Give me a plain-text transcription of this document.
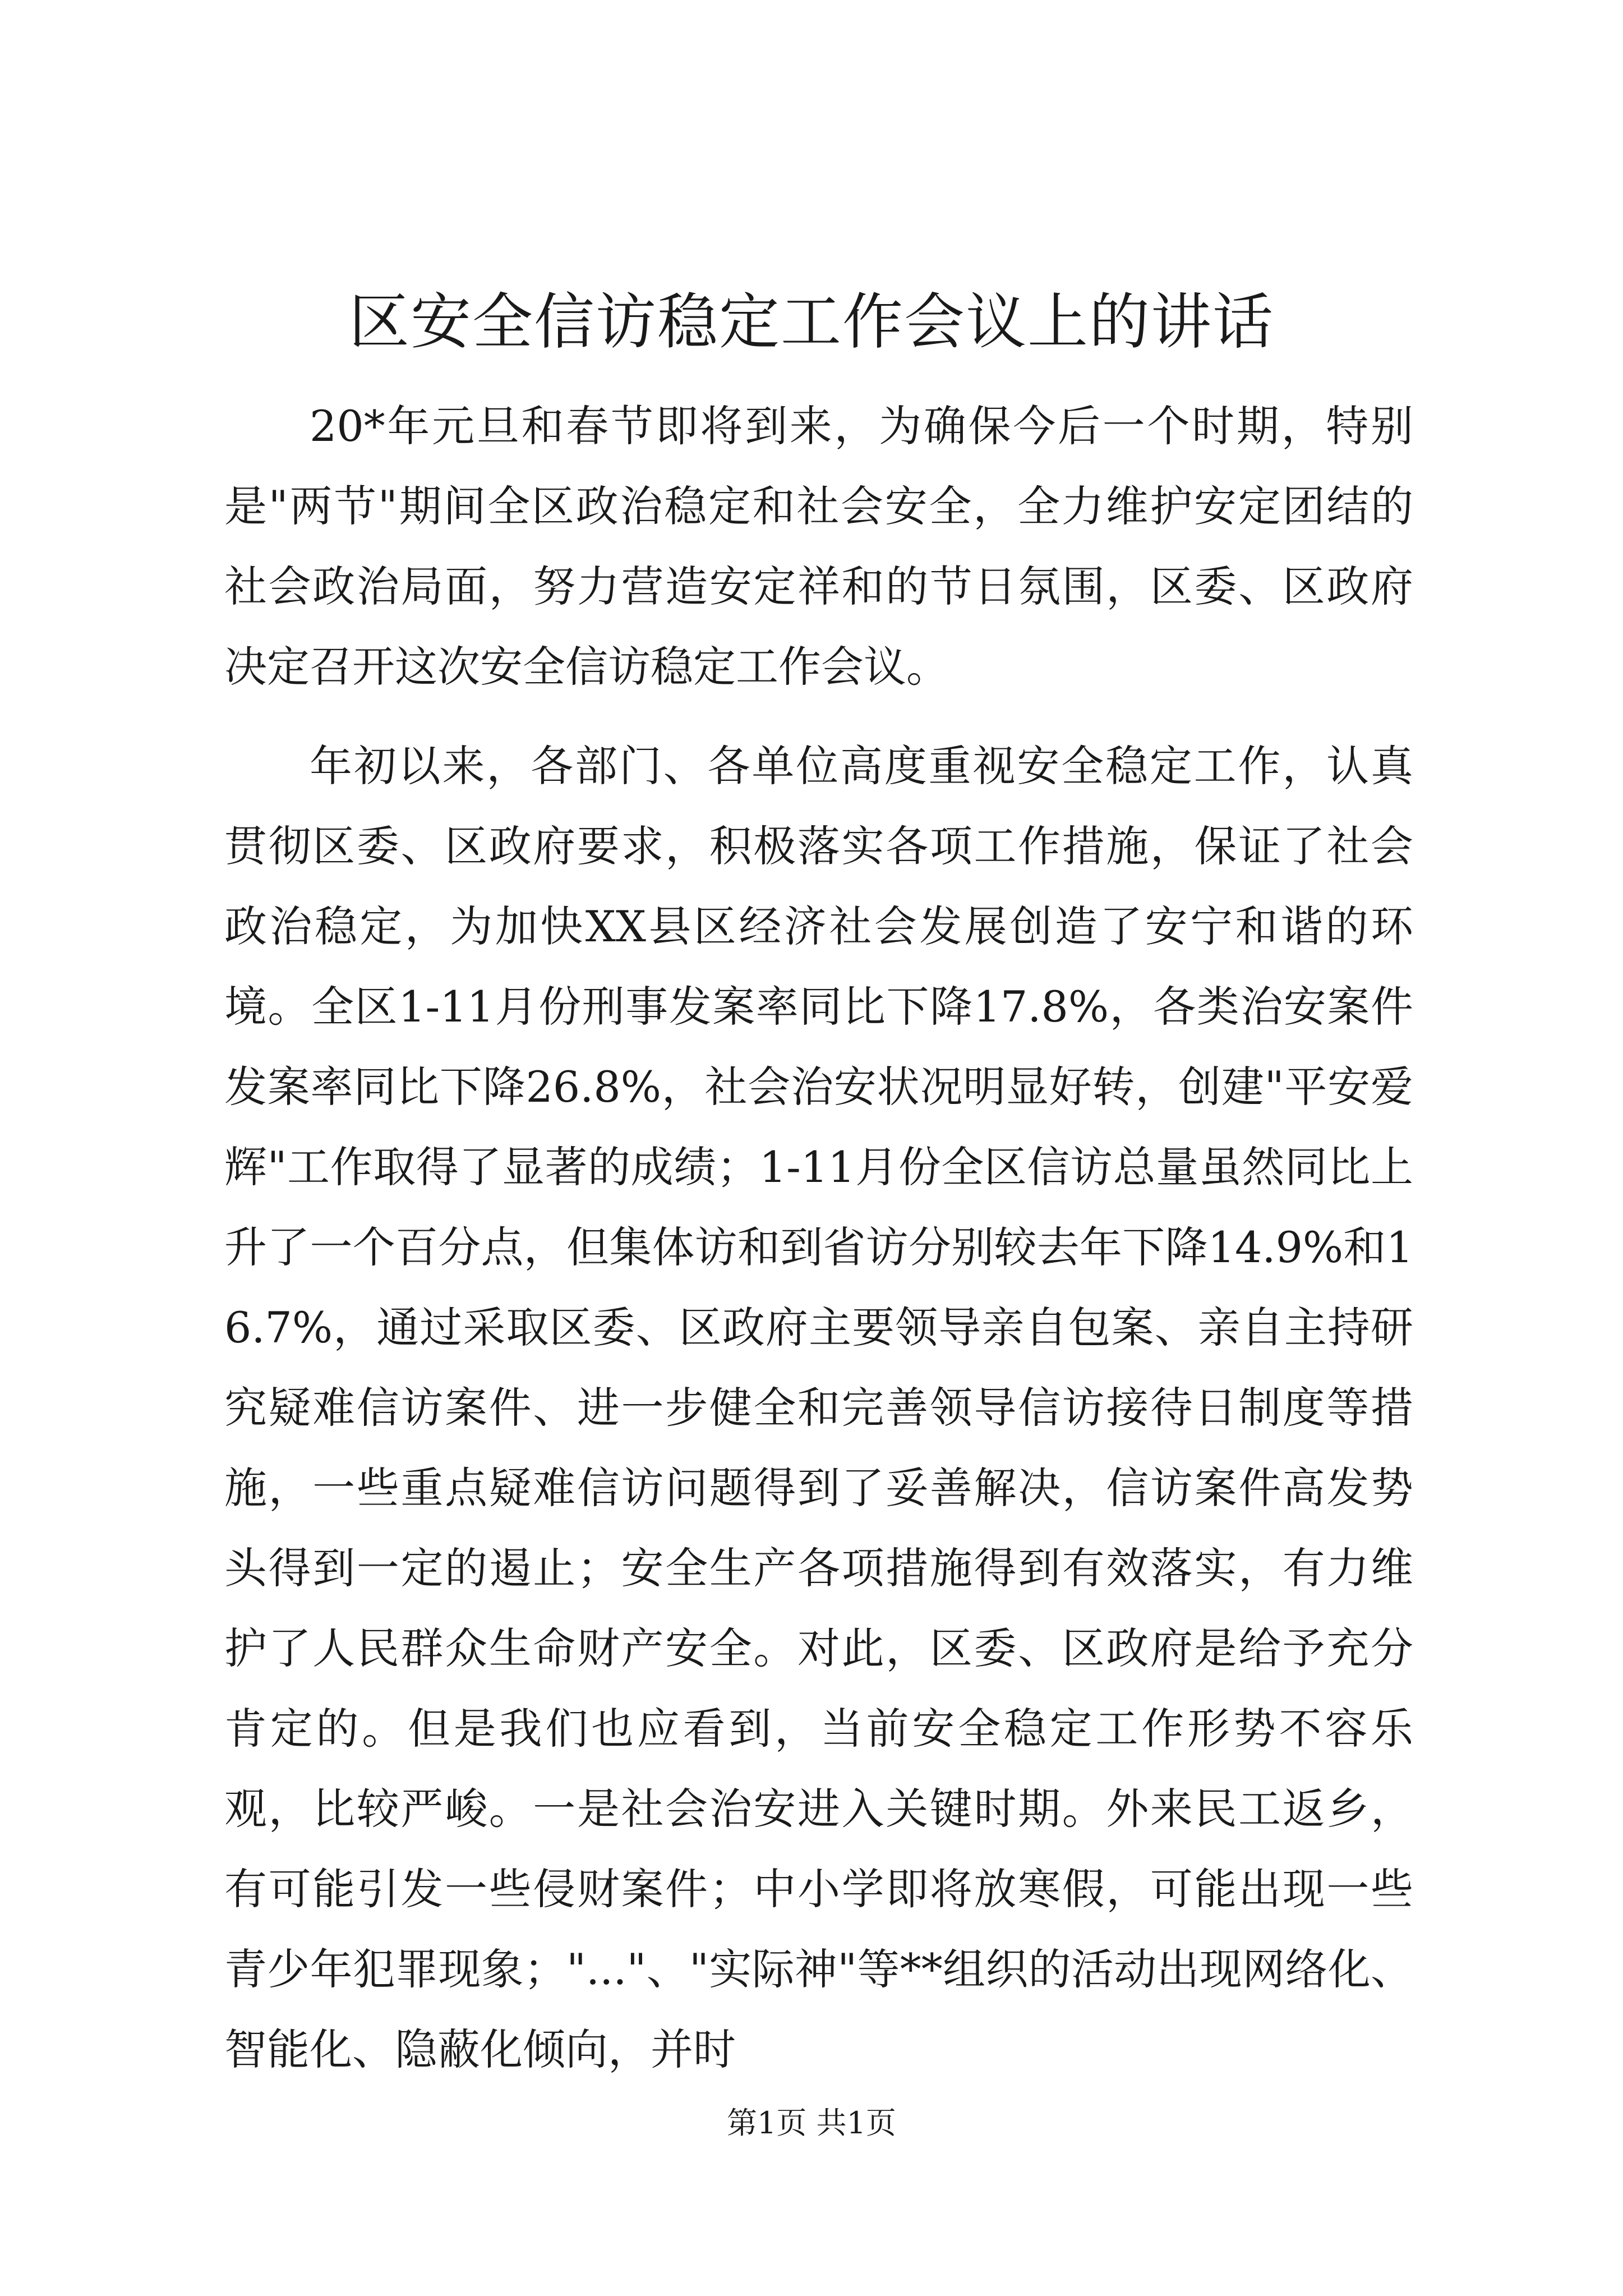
区安全信访稳定工作会议上的讲话

20*年元旦和春节即将到来，为确保今后一个时期，特别是"两节"期间全区政治稳定和社会安全，全力维护安定团结的社会政治局面，努力营造安定祥和的节日氛围，区委、区政府决定召开这次安全信访稳定工作会议。

年初以来，各部门、各单位高度重视安全稳定工作，认真贯彻区委、区政府要求，积极落实各项工作措施，保证了社会政治稳定，为加快XX县区经济社会发展创造了安宁和谐的环境。全区1-11月份刑事发案率同比下降17.8%，各类治安案件发案率同比下降26.8%，社会治安状况明显好转，创建"平安爱辉"工作取得了显著的成绩；1-11月份全区信访总量虽然同比上升了一个百分点，但集体访和到省访分别较去年下降14.9%和16.7%，通过采取区委、区政府主要领导亲自包案、亲自主持研究疑难信访案件、进一步健全和完善领导信访接待日制度等措施，一些重点疑难信访问题得到了妥善解决，信访案件高发势头得到一定的遏止；安全生产各项措施得到有效落实，有力维护了人民群众生命财产安全。对此，区委、区政府是给予充分肯定的。但是我们也应看到，当前安全稳定工作形势不容乐观，比较严峻。一是社会治安进入关键时期。外来民工返乡，有可能引发一些侵财案件；中小学即将放寒假，可能出现一些青少年犯罪现象；"..."、"实际神"等**组织的活动出现网络化、智能化、隐蔽化倾向，并时

第1页 共1页
